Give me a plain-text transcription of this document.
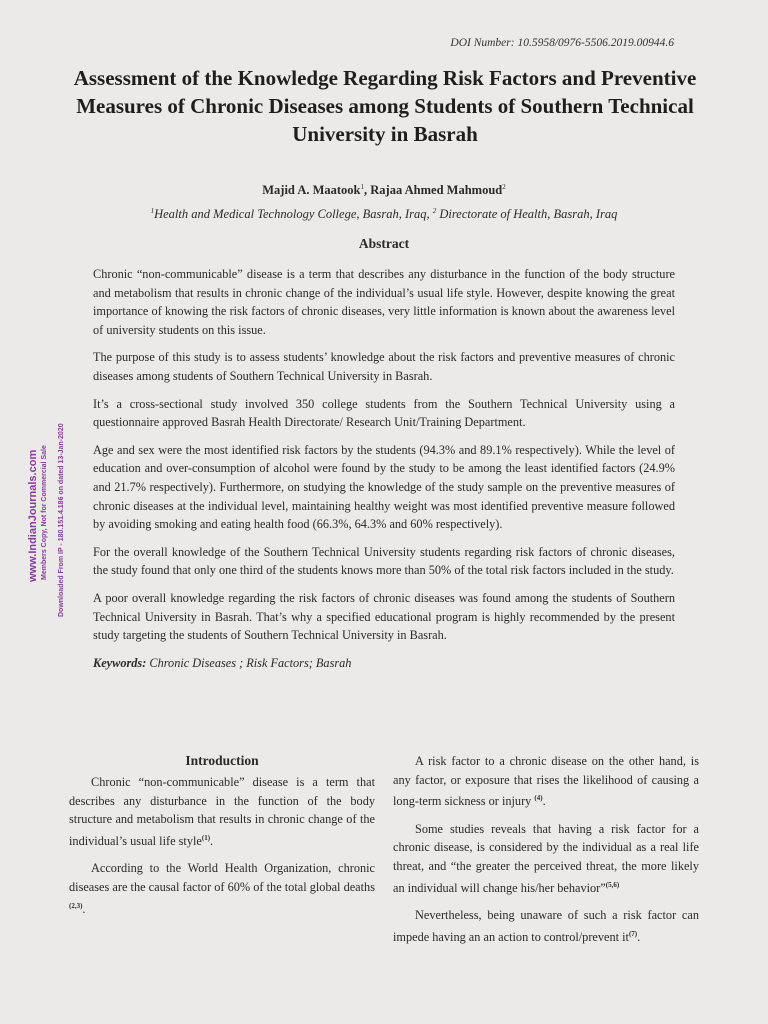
DOI Number: 10.5958/0976-5506.2019.00944.6
Assessment of the Knowledge Regarding Risk Factors and Preventive Measures of Chronic Diseases among Students of Southern Technical University in Basrah
Majid A. Maatook$^1$, Rajaa Ahmed Mahmoud$^2$
$^1$Health and Medical Technology College, Basrah, Iraq, $^2$ Directorate of Health, Basrah, Iraq
Abstract

Chronic “non-communicable” disease is a term that describes any disturbance in the function of the body structure and metabolism that results in chronic change of the individual’s usual life style. However, despite knowing the great importance of knowing the risk factors of chronic diseases, very little information is known about the awareness level of university students on this issue.

The purpose of this study is to assess students’ knowledge about the risk factors and preventive measures of chronic diseases among students of Southern Technical University in Basrah.

It’s a cross-sectional study involved 350 college students from the Southern Technical University using a questionnaire approved Basrah Health Directorate/ Research Unit/Training Department.

Age and sex were the most identified risk factors by the students (94.3% and 89.1% respectively). While the level of education and over-consumption of alcohol were found by the study to be among the least identified factors (24.9% and 21.7% respectively). Furthermore, on studying the knowledge of the study sample on the preventive measures of chronic diseases at the individual level, maintaining healthy weight was most identified preventive measure followed by avoiding smoking and eating health food (66.3%, 64.3% and 60% respectively).

For the overall knowledge of the Southern Technical University students regarding risk factors of chronic diseases, the study found that only one third of the students knows more than 50% of the total risk factors included in the study.

A poor overall knowledge regarding the risk factors of chronic diseases was found among the students of Southern Technical University in Basrah. That’s why a specified educational program is highly recommended by the present study targeting the students of Southern Technical University in Basrah.

Keywords: Chronic Diseases ; Risk Factors; Basrah
Introduction

Chronic “non-communicable” disease is a term that describes any disturbance in the function of the body structure and metabolism that results in chronic change of the individual’s usual life style$^{(1)}$.

According to the World Health Organization, chronic diseases are the causal factor of 60% of the total global deaths $^{(2,3)}$.

A risk factor to a chronic disease on the other hand, is any factor, or exposure that rises the likelihood of causing a long-term sickness or injury $^{(4)}$.

Some studies reveals that having a risk factor for a chronic disease, is considered by the individual as a real life threat, and “the greater the perceived threat, the more likely an individual will change his/her behavior”$^{(5,6)}$

Nevertheless, being unaware of such a risk factor can impede having an an action to control/prevent $it^{(7)}$.

www.IndianJournals.com Members Copy, Not for Commercial Sale Downloaded From IP - 180.151.4.186 on dated 13-Jan-2020
